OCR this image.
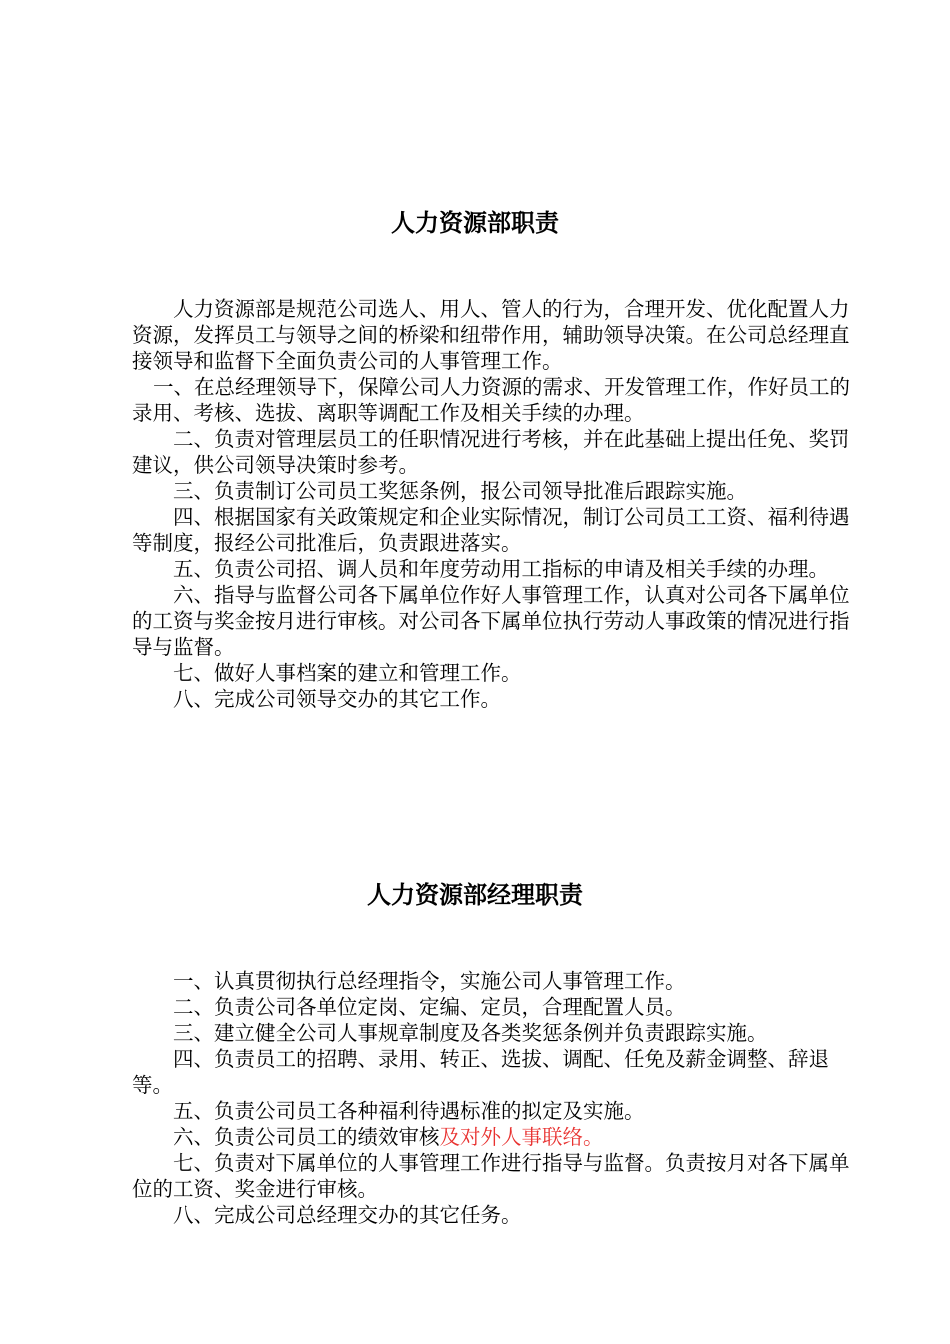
人力资源部职责

人力资源部是规范公司选人、用人、管人的行为，合理开发、优化配置人力资源，发挥员工与领导之间的桥梁和纽带作用，辅助领导决策。在公司总经理直接领导和监督下全面负责公司的人事管理工作。

一、在总经理领导下，保障公司人力资源的需求、开发管理工作，作好员工的录用、考核、选拔、离职等调配工作及相关手续的办理。

二、负责对管理层员工的任职情况进行考核，并在此基础上提出任免、奖罚建议，供公司领导决策时参考。

三、负责制订公司员工奖惩条例，报公司领导批准后跟踪实施。

四、根据国家有关政策规定和企业实际情况，制订公司员工工资、福利待遇等制度，报经公司批准后，负责跟进落实。

五、负责公司招、调人员和年度劳动用工指标的申请及相关手续的办理。

六、指导与监督公司各下属单位作好人事管理工作，认真对公司各下属单位的工资与奖金按月进行审核。对公司各下属单位执行劳动人事政策的情况进行指导与监督。

七、做好人事档案的建立和管理工作。

八、完成公司领导交办的其它工作。

人力资源部经理职责

一、认真贯彻执行总经理指令，实施公司人事管理工作。

二、负责公司各单位定岗、定编、定员，合理配置人员。

三、建立健全公司人事规章制度及各类奖惩条例并负责跟踪实施。

四、负责员工的招聘、录用、转正、选拔、调配、任免及薪金调整、辞退等。

五、负责公司员工各种福利待遇标准的拟定及实施。

六、负责公司员工的绩效审核及对外人事联络。

七、负责对下属单位的人事管理工作进行指导与监督。负责按月对各下属单位的工资、奖金进行审核。

八、完成公司总经理交办的其它任务。
